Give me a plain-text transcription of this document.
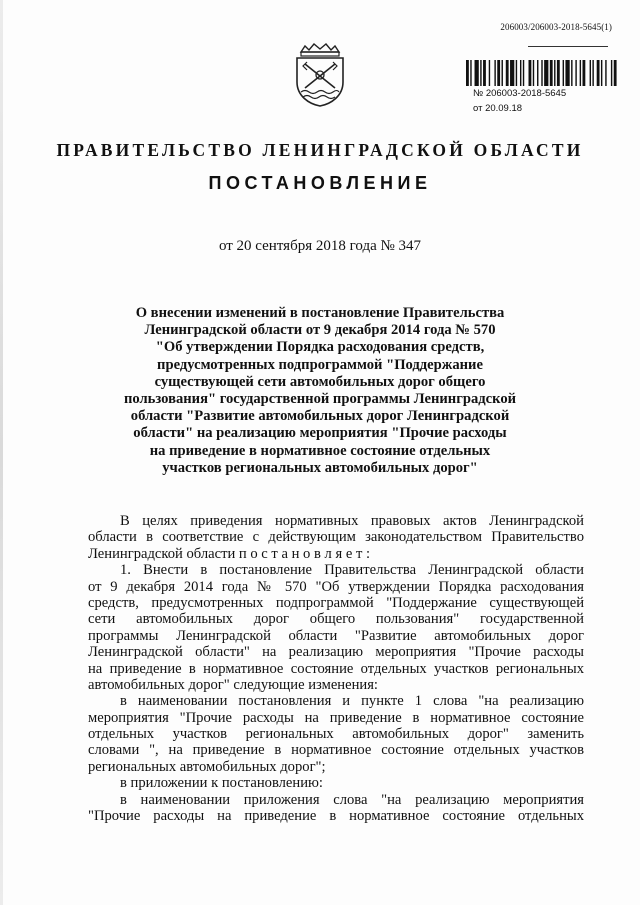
206003/206003-2018-5645(1)
№ 206003-2018-5645
от 20.09.18
ПРАВИТЕЛЬСТВО ЛЕНИНГРАДСКОЙ ОБЛАСТИ
ПОСТАНОВЛЕНИЕ
от 20 сентября 2018 года № 347
О внесении изменений в постановление Правительства
Ленинградской области от 9 декабря 2014 года № 570
"Об утверждении Порядка расходования средств,
предусмотренных подпрограммой "Поддержание
существующей сети автомобильных дорог общего
пользования" государственной программы Ленинградской
области "Развитие автомобильных дорог Ленинградской
области" на реализацию мероприятия "Прочие расходы
на приведение в нормативное состояние отдельных
участков региональных автомобильных дорог"
В целях приведения нормативных правовых актов Ленинградской
области в соответствие с действующим законодательством Правительство
Ленинградской области п о с т а н о в л я е т :
1. Внести в постановление Правительства Ленинградской области
от 9 декабря 2014 года № 570 "Об утверждении Порядка расходования
средств, предусмотренных подпрограммой "Поддержание существующей
сети автомобильных дорог общего пользования" государственной
программы Ленинградской области "Развитие автомобильных дорог
Ленинградской области" на реализацию мероприятия "Прочие расходы
на приведение в нормативное состояние отдельных участков региональных
автомобильных дорог" следующие изменения:
в наименовании постановления и пункте 1 слова "на реализацию
мероприятия "Прочие расходы на приведение в нормативное состояние
отдельных участков региональных автомобильных дорог" заменить
словами ", на приведение в нормативное состояние отдельных участков
региональных автомобильных дорог";
в приложении к постановлению:
в наименовании приложения слова "на реализацию мероприятия
"Прочие расходы на приведение в нормативное состояние отдельных
